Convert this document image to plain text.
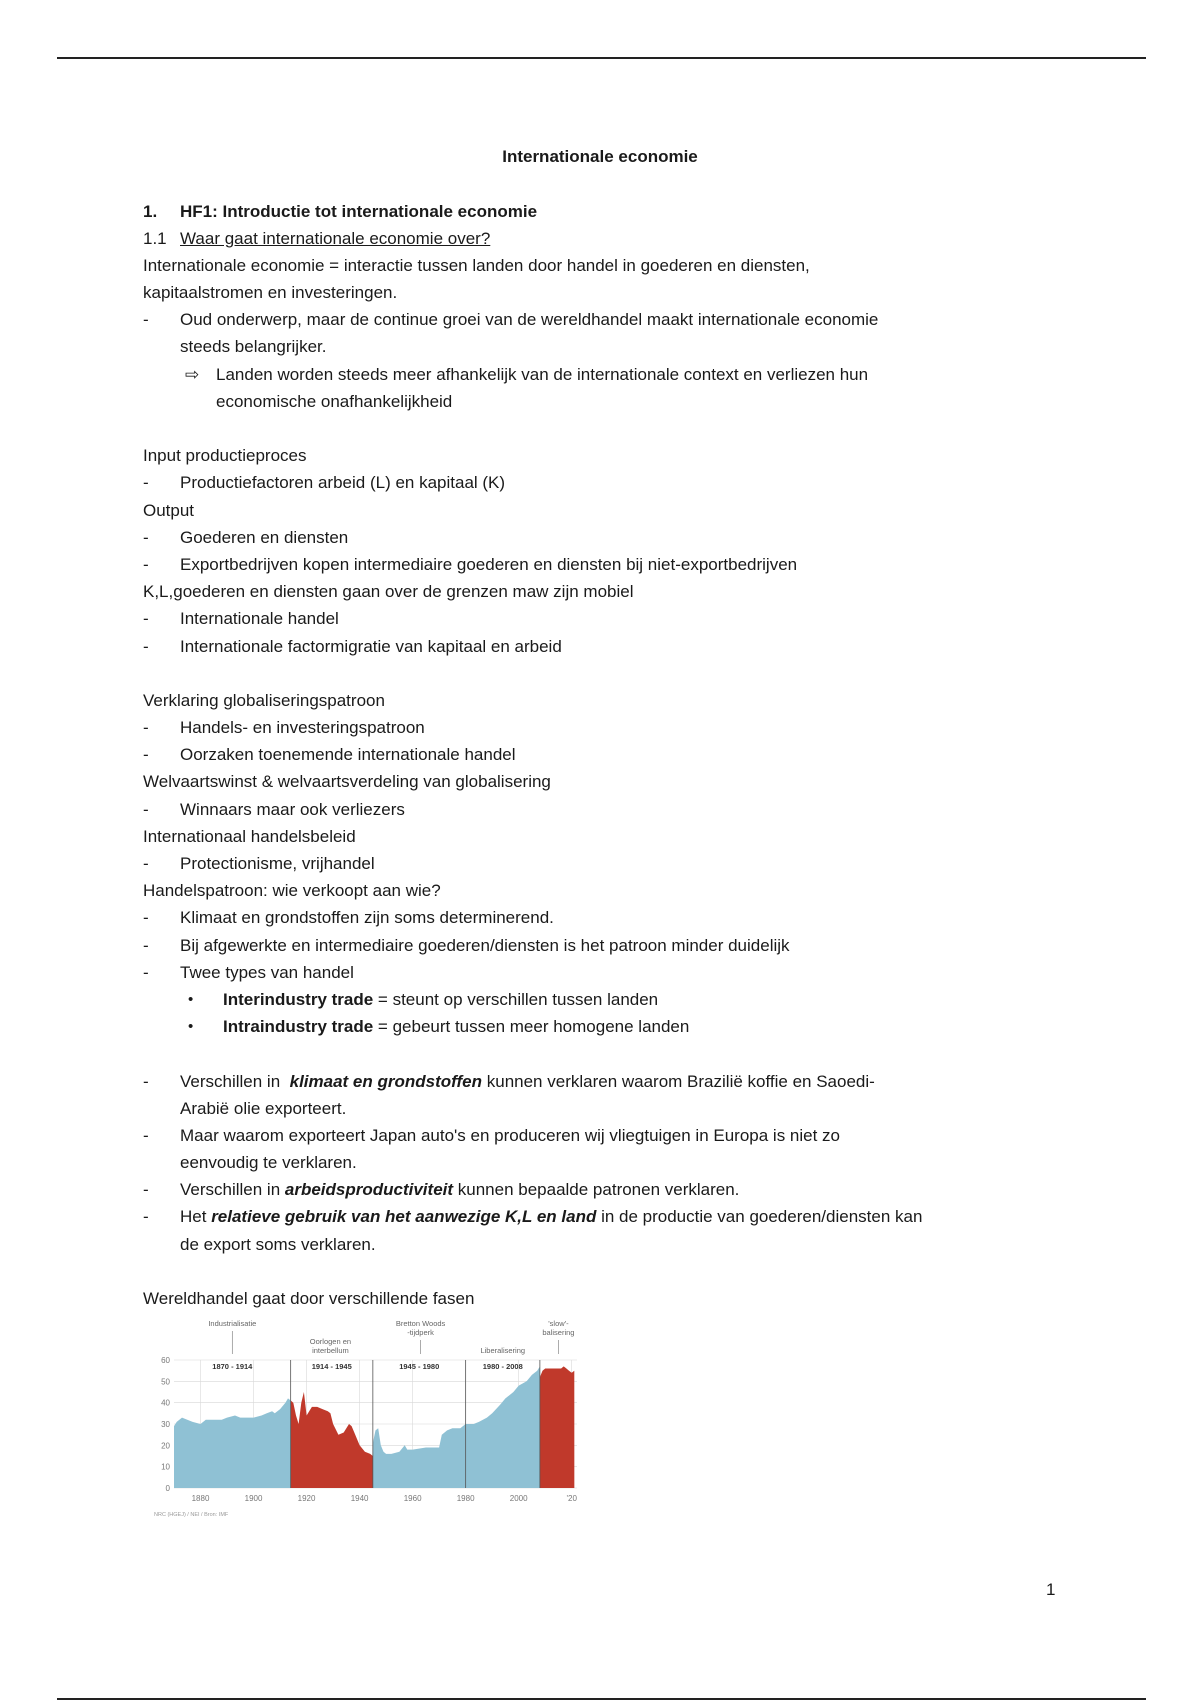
Internationale economie
1. HF1: Introductie tot internationale economie
1.1 Waar gaat internationale economie over?
Internationale economie = interactie tussen landen door handel in goederen en diensten,
kapitaalstromen en investeringen.
- Oud onderwerp, maar de continue groei van de wereldhandel maakt internationale economie
steeds belangrijker.
⇨ Landen worden steeds meer afhankelijk van de internationale context en verliezen hun
economische onafhankelijkheid
Input productieproces
- Productiefactoren arbeid (L) en kapitaal (K)
Output
- Goederen en diensten
- Exportbedrijven kopen intermediaire goederen en diensten bij niet-exportbedrijven
K,L,goederen en diensten gaan over de grenzen maw zijn mobiel
- Internationale handel
- Internationale factormigratie van kapitaal en arbeid
Verklaring globaliseringspatroon
- Handels- en investeringspatroon
- Oorzaken toenemende internationale handel
Welvaartswinst & welvaartsverdeling van globalisering
- Winnaars maar ook verliezers
Internationaal handelsbeleid
- Protectionisme, vrijhandel
Handelspatroon: wie verkoopt aan wie?
- Klimaat en grondstoffen zijn soms determinerend.
- Bij afgewerkte en intermediaire goederen/diensten is het patroon minder duidelijk
- Twee types van handel
• Interindustry trade = steunt op verschillen tussen landen
• Intraindustry trade = gebeurt tussen meer homogene landen
- Verschillen in  klimaat en grondstoffen kunnen verklaren waarom Brazilië koffie en Saoedi-
Arabië olie exporteert.
- Maar waarom exporteert Japan auto's en produceren wij vliegtuigen in Europa is niet zo
eenvoudig te verklaren.
- Verschillen in arbeidsproductiviteit kunnen bepaalde patronen verklaren.
- Het relatieve gebruik van het aanwezige K,L en land in de productie van goederen/diensten kan
de export soms verklaren.
Wereldhandel gaat door verschillende fasen
0
10
20
30
40
50
60
1880	1900	1920	1940	1960	1980	2000	'20
1870 - 1914	1914 - 1945	1945 - 1980	1980 - 2008
Industrialisatie
Oorlogen en
interbellum
Bretton Woods
-tijdperk
Liberalisering
'slow'-
balisering
NRC (HGEJ) / NEI / Bron: IMF
1
